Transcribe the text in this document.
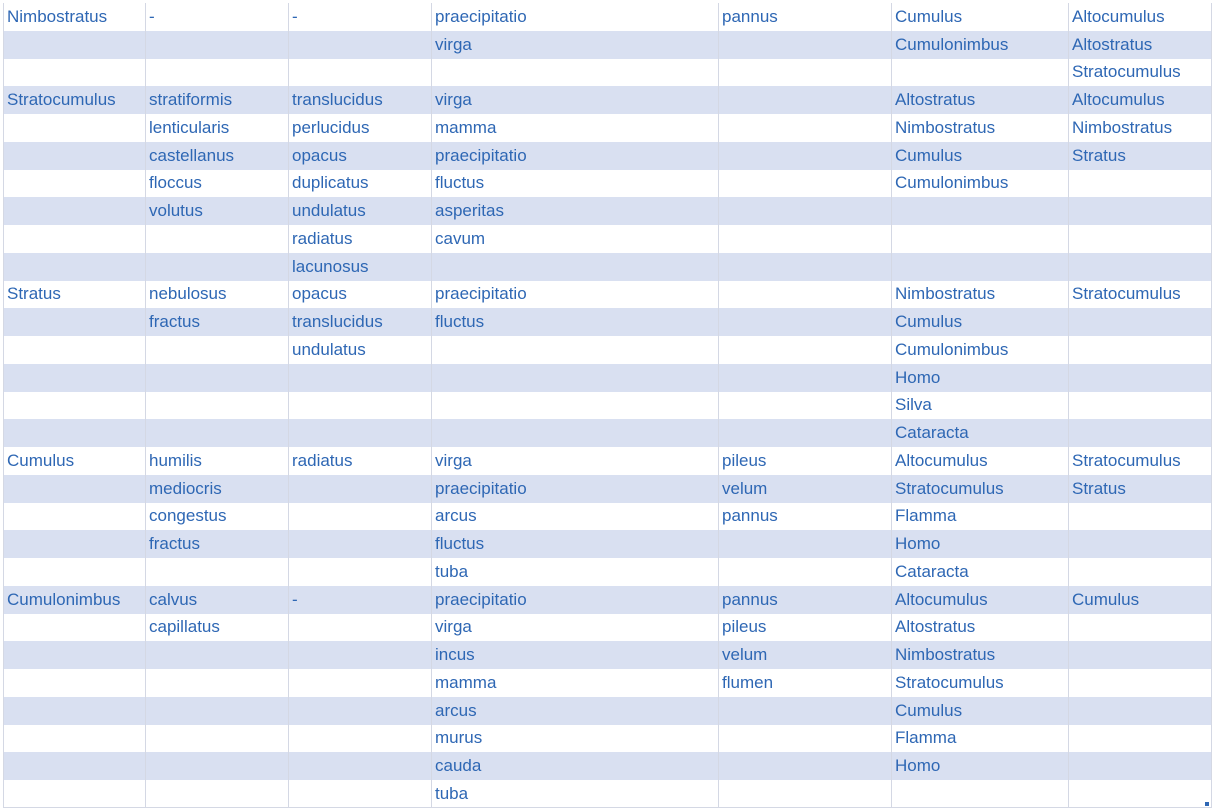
Nimbostratus	-	-	praecipitatio	pannus	Cumulus	Altocumulus
			virga		Cumulonimbus	Altostratus
						Stratocumulus
Stratocumulus	stratiformis	translucidus	virga		Altostratus	Altocumulus
	lenticularis	perlucidus	mamma		Nimbostratus	Nimbostratus
	castellanus	opacus	praecipitatio		Cumulus	Stratus
	floccus	duplicatus	fluctus		Cumulonimbus	
	volutus	undulatus	asperitas			
		radiatus	cavum			
		lacunosus				
Stratus	nebulosus	opacus	praecipitatio		Nimbostratus	Stratocumulus
	fractus	translucidus	fluctus		Cumulus	
		undulatus			Cumulonimbus	
					Homo	
					Silva	
					Cataracta	
Cumulus	humilis	radiatus	virga	pileus	Altocumulus	Stratocumulus
	mediocris		praecipitatio	velum	Stratocumulus	Stratus
	congestus		arcus	pannus	Flamma	
	fractus		fluctus		Homo	
			tuba		Cataracta	
Cumulonimbus	calvus	-	praecipitatio	pannus	Altocumulus	Cumulus
	capillatus		virga	pileus	Altostratus	
			incus	velum	Nimbostratus	
			mamma	flumen	Stratocumulus	
			arcus		Cumulus	
			murus		Flamma	
			cauda		Homo	
			tuba			
